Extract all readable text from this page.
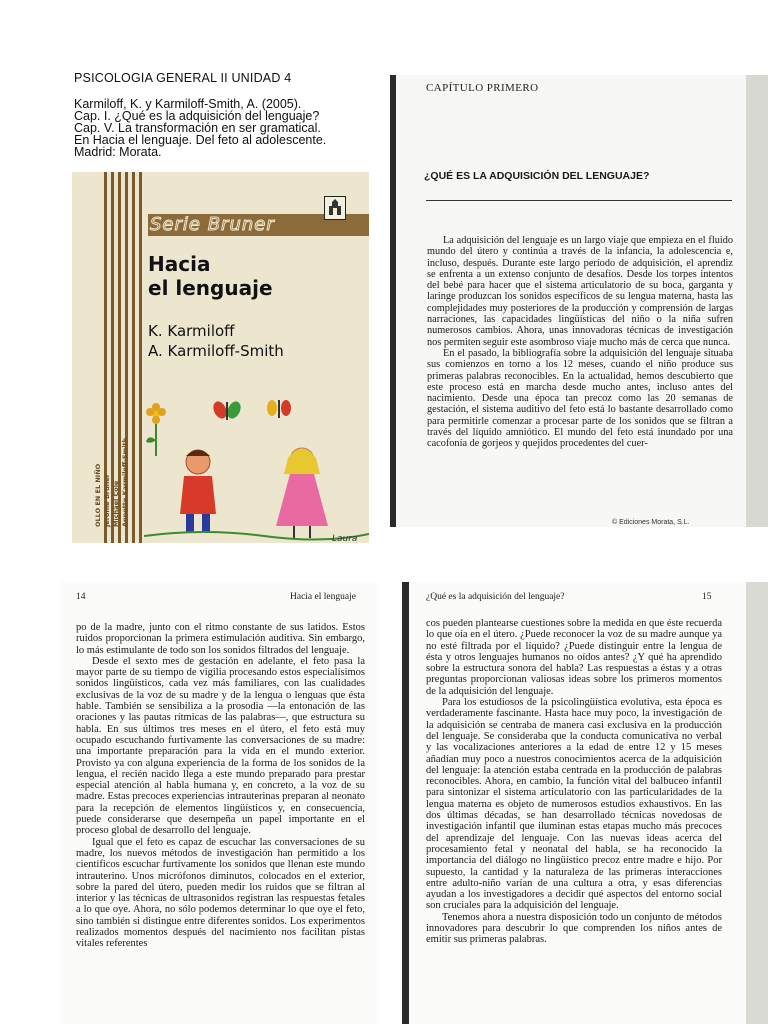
PSICOLOGÍA GENERAL II UNIDAD 4
Karmiloff, K. y Karmiloff-Smith, A. (2005).
Cap. I. ¿Qué es la adquisición del lenguaje?
Cap. V. La transformación en ser gramatical.
En Hacia el lenguaje. Del feto al adolescente.
Madrid: Morata.
Serie Bruner
Hacia
el lenguaje
K. Karmiloff
A. Karmiloff-Smith
OLLO EN EL NIÑO Jerome Bruner Michael Cole Annette Karmiloff-Smith
Laura
CAPÍTULO PRIMERO
¿QUÉ ES LA ADQUISICIÓN DEL LENGUAJE?

La adquisición del lenguaje es un largo viaje que empieza en el fluido mundo del útero y continúa a través de la infancia, la adolescencia e, incluso, después. Durante este largo período de adquisición, el aprendiz se enfrenta a un extenso conjunto de desafíos. Desde los torpes intentos del bebé para hacer que el sistema articulatorio de su boca, garganta y laringe produzcan los sonidos específicos de su lengua materna, hasta las complejidades muy posteriores de la producción y comprensión de largas narraciones, las capacidades lingüísticas del niño o la niña sufren numerosos cambios. Ahora, unas innovadoras técnicas de investigación nos permiten seguir este asombroso viaje mucho más de cerca que nunca.

En el pasado, la bibliografía sobre la adquisición del lenguaje situaba sus comienzos en torno a los 12 meses, cuando el niño produce sus primeras palabras reconocibles. En la actualidad, hemos descubierto que este proceso está en marcha desde mucho antes, incluso antes del nacimiento. Desde una época tan precoz como las 20 semanas de gestación, el sistema auditivo del feto está lo bastante desarrollado como para permitirle comenzar a procesar parte de los sonidos que se filtran a través del líquido amniótico. El mundo del feto está inundado por una cacofonía de gorjeos y quejidos procedentes del cuer-

© Ediciones Morata, S.L.
14	Hacia el lenguaje

po de la madre, junto con el ritmo constante de sus latidos. Estos ruidos proporcionan la primera estimulación auditiva. Sin embargo, lo más estimulante de todo son los sonidos filtrados del lenguaje.

Desde el sexto mes de gestación en adelante, el feto pasa la mayor parte de su tiempo de vigilia procesando estos especialísimos sonidos lingüísticos, cada vez más familiares, con las cualidades exclusivas de la voz de su madre y de la lengua o lenguas que ésta hable. También se sensibiliza a la prosodia —la entonación de las oraciones y las pautas rítmicas de las palabras—, que estructura su habla. En sus últimos tres meses en el útero, el feto está muy ocupado escuchando furtivamente las conversaciones de su madre: una importante preparación para la vida en el mundo exterior. Provisto ya con alguna experiencia de la forma de los sonidos de la lengua, el recién nacido llega a este mundo preparado para prestar especial atención al habla humana y, en concreto, a la voz de su madre. Estas precoces experiencias intrauterinas preparan al neonato para la recepción de elementos lingüísticos y, en consecuencia, puede considerarse que desempeña un papel importante en el proceso global de desarrollo del lenguaje.

Igual que el feto es capaz de escuchar las conversaciones de su madre, los nuevos métodos de investigación han permitido a los científicos escuchar furtivamente los sonidos que llenan este mundo intrauterino. Unos micrófonos diminutos, colocados en el exterior, sobre la pared del útero, pueden medir los ruidos que se filtran al interior y las técnicas de ultrasonidos registran las respuestas fetales a lo que oye. Ahora, no sólo podemos determinar lo que oye el feto, sino también si distingue entre diferentes sonidos. Los experimentos realizados momentos después del nacimiento nos facilitan pistas vitales referentes

¿Qué es la adquisición del lenguaje?	15

cos pueden plantearse cuestiones sobre la medida en que éste recuerda lo que oía en el útero. ¿Puede reconocer la voz de su madre aunque ya no esté filtrada por el líquido? ¿Puede distinguir entre la lengua de ésta y otros lenguajes humanos no oídos antes? ¿Y qué ha aprendido sobre la estructura sonora del habla? Las respuestas a éstas y a otras preguntas proporcionan valiosas ideas sobre los primeros momentos de la adquisición del lenguaje.

Para los estudiosos de la psicolingüística evolutiva, esta época es verdaderamente fascinante. Hasta hace muy poco, la investigación de la adquisición se centraba de manera casi exclusiva en la producción del lenguaje. Se consideraba que la conducta comunicativa no verbal y las vocalizaciones anteriores a la edad de entre 12 y 15 meses añadían muy poco a nuestros conocimientos acerca de la adquisición del lenguaje: la atención estaba centrada en la producción de palabras reconocibles. Ahora, en cambio, la función vital del balbuceo infantil para sintonizar el sistema articulatorio con las particularidades de la lengua materna es objeto de numerosos estudios exhaustivos. En las dos últimas décadas, se han desarrollado técnicas novedosas de investigación infantil que iluminan estas etapas mucho más precoces del aprendizaje del lenguaje. Con las nuevas ideas acerca del procesamiento fetal y neonatal del habla, se ha reconocido la importancia del diálogo no lingüístico precoz entre madre e hijo. Por supuesto, la cantidad y la naturaleza de las primeras interacciones entre adulto-niño varían de una cultura a otra, y esas diferencias ayudan a los investigadores a decidir qué aspectos del entorno social son cruciales para la adquisición del lenguaje.

Tenemos ahora a nuestra disposición todo un conjunto de métodos innovadores para descubrir lo que comprenden los niños antes de emitir sus primeras palabras.
